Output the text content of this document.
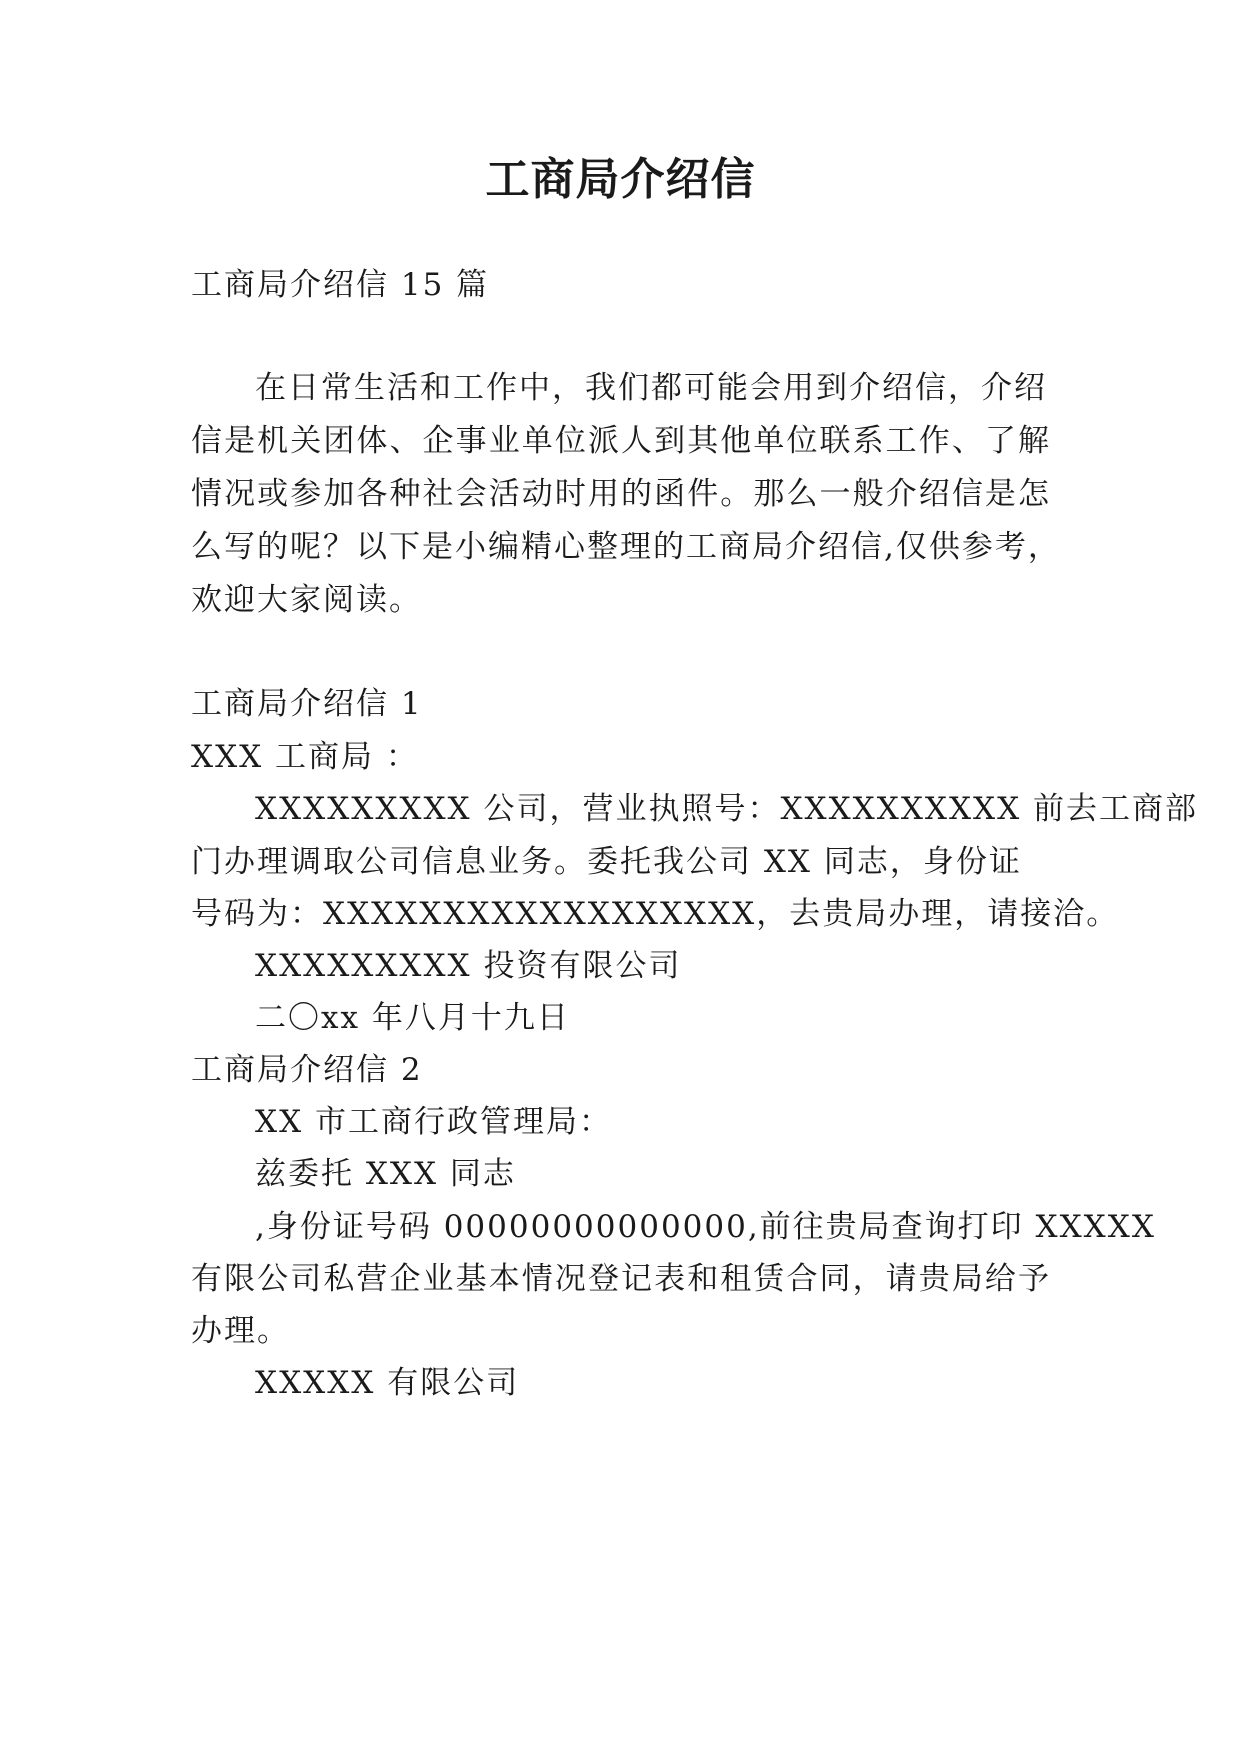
工商局介绍信
工商局介绍信 15 篇
在日常生活和工作中，我们都可能会用到介绍信，介绍
信是机关团体、企事业单位派人到其他单位联系工作、了解
情况或参加各种社会活动时用的函件。那么一般介绍信是怎
么写的呢？以下是小编精心整理的工商局介绍信,仅供参考，
欢迎大家阅读。
工商局介绍信 1
XXX 工商局 ：
XXXXXXXXX 公司，营业执照号：XXXXXXXXXX 前去工商部
门办理调取公司信息业务。委托我公司 XX 同志，身份证
号码为：XXXXXXXXXXXXXXXXXX，去贵局办理，请接洽。
XXXXXXXXX 投资有限公司
二〇xx 年八月十九日
工商局介绍信 2
XX 市工商行政管理局：
兹委托 XXX 同志
,身份证号码 00000000000000,前往贵局查询打印 XXXXX
有限公司私营企业基本情况登记表和租赁合同，请贵局给予
办理。
XXXXX 有限公司
